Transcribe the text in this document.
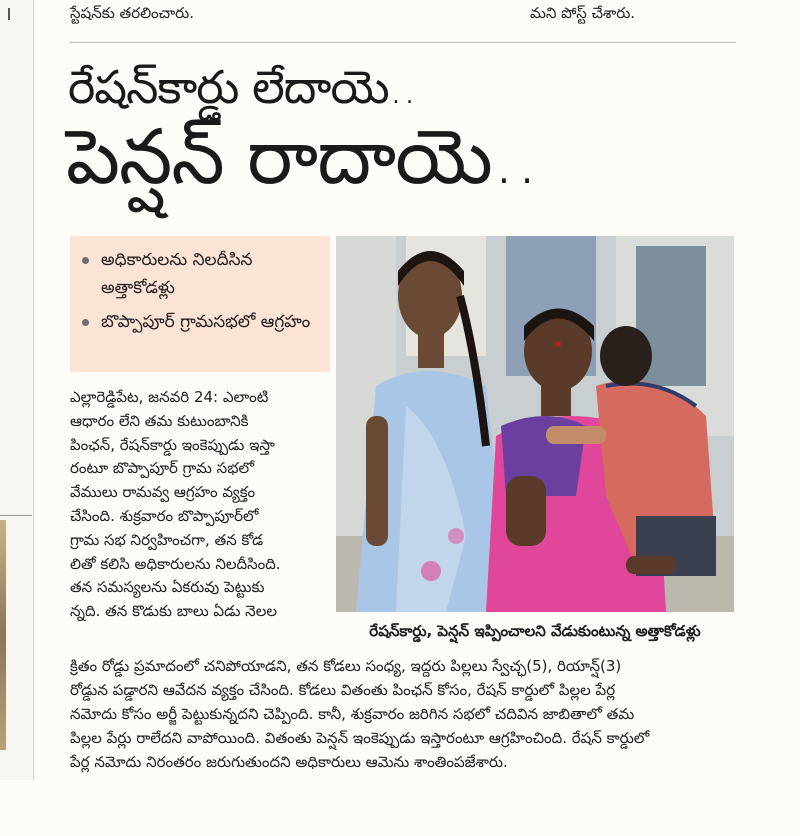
స్టేషన్‌కు తరలించారు.	మని పోస్ట్ చేశారు.
రేషన్‌కార్డు లేదాయె..
పెన్షన్ రాదాయె..
అధికారులను నిలదీసిన అత్తాకోడళ్లు
బొప్పాపూర్ గ్రామసభలో ఆగ్రహం
ఎల్లారెడ్డిపేట, జనవరి 24: ఎలాంటి
ఆధారం లేని తమ కుటుంబానికి
పింఛన్, రేషన్‌కార్డు ఇంకెప్పుడు ఇస్తా
రంటూ బొప్పాపూర్ గ్రామ సభలో
వేములు రామవ్వ ఆగ్రహం వ్యక్తం
చేసింది. శుక్రవారం బొప్పాపూర్‌లో
గ్రామ సభ నిర్వహించగా, తన కోడ
లితో కలిసి అధికారులను నిలదీసింది.
తన సమస్యలను ఏకరువు పెట్టుకు
న్నది. తన కొడుకు బాలు ఏడు నెలల
రేషన్‌కార్డు, పెన్షన్ ఇప్పించాలని వేడుకుంటున్న అత్తాకోడళ్లు
క్రితం రోడ్డు ప్రమాదంలో చనిపోయాడని, తన కోడలు సంధ్య, ఇద్దరు పిల్లలు స్వేచ్ఛ(5), రియాన్ష్(3)
రోడ్డున పడ్డారని ఆవేదన వ్యక్తం చేసింది. కోడలు వితంతు పింఛన్ కోసం, రేషన్ కార్డులో పిల్లల పేర్ల
నమోదు కోసం అర్జీ పెట్టుకున్నదని చెప్పింది. కానీ, శుక్రవారం జరిగిన సభలో చదివిన జాబితాలో తమ
పిల్లల పేర్లు రాలేదని వాపోయింది. వితంతు పెన్షన్ ఇంకెప్పుడు ఇస్తారంటూ ఆగ్రహించింది. రేషన్ కార్డులో
పేర్ల నమోదు నిరంతరం జరుగుతుందని అధికారులు ఆమెను శాంతింపజేశారు.
